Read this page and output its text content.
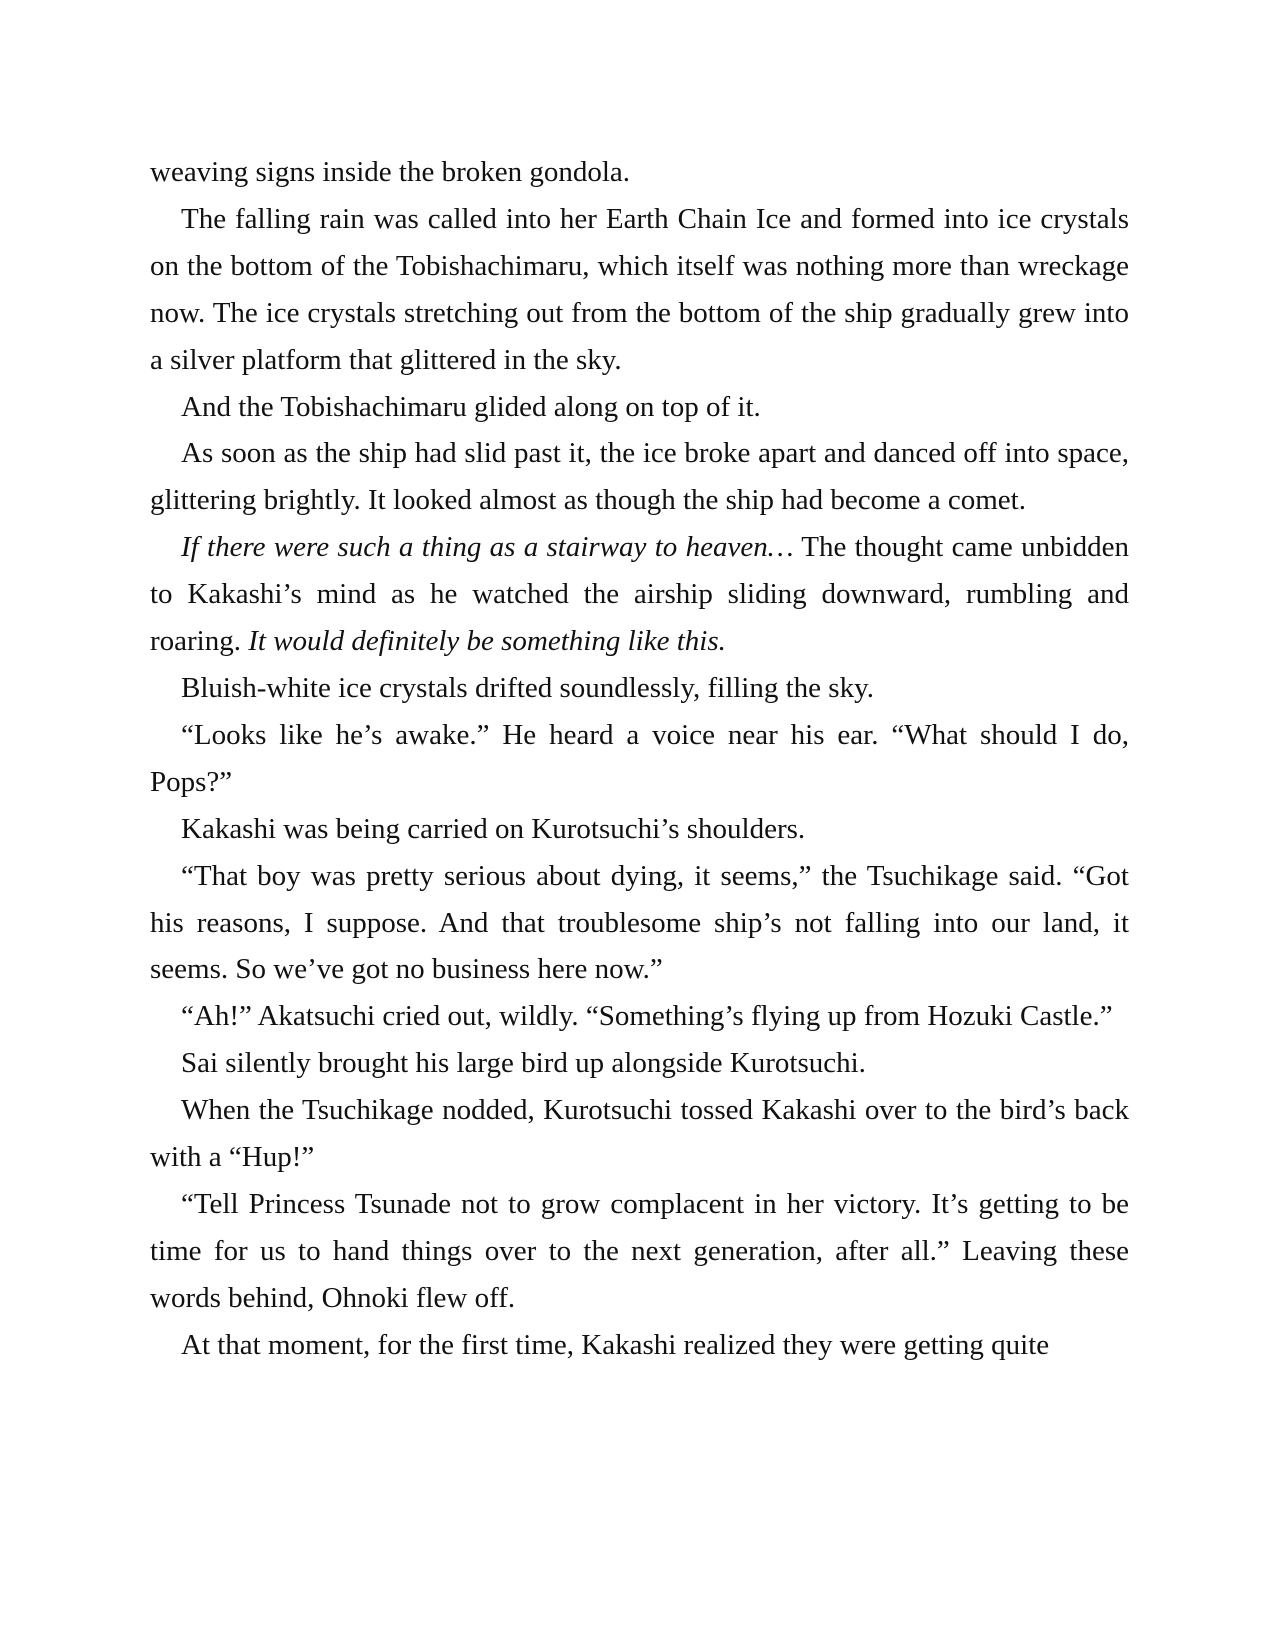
weaving signs inside the broken gondola.

The falling rain was called into her Earth Chain Ice and formed into ice crystals on the bottom of the Tobishachimaru, which itself was nothing more than wreckage now. The ice crystals stretching out from the bottom of the ship gradually grew into a silver platform that glittered in the sky.

And the Tobishachimaru glided along on top of it.

As soon as the ship had slid past it, the ice broke apart and danced off into space, glittering brightly. It looked almost as though the ship had become a comet.

If there were such a thing as a stairway to heaven… The thought came unbidden to Kakashi’s mind as he watched the airship sliding downward, rumbling and roaring. It would definitely be something like this.

Bluish-white ice crystals drifted soundlessly, filling the sky.

“Looks like he’s awake.” He heard a voice near his ear. “What should I do, Pops?”

Kakashi was being carried on Kurotsuchi’s shoulders.

“That boy was pretty serious about dying, it seems,” the Tsuchikage said. “Got his reasons, I suppose. And that troublesome ship’s not falling into our land, it seems. So we’ve got no business here now.”

“Ah!” Akatsuchi cried out, wildly. “Something’s flying up from Hozuki Castle.”

Sai silently brought his large bird up alongside Kurotsuchi.

When the Tsuchikage nodded, Kurotsuchi tossed Kakashi over to the bird’s back with a “Hup!”

“Tell Princess Tsunade not to grow complacent in her victory. It’s getting to be time for us to hand things over to the next generation, after all.” Leaving these words behind, Ohnoki flew off.

At that moment, for the first time, Kakashi realized they were getting quite
